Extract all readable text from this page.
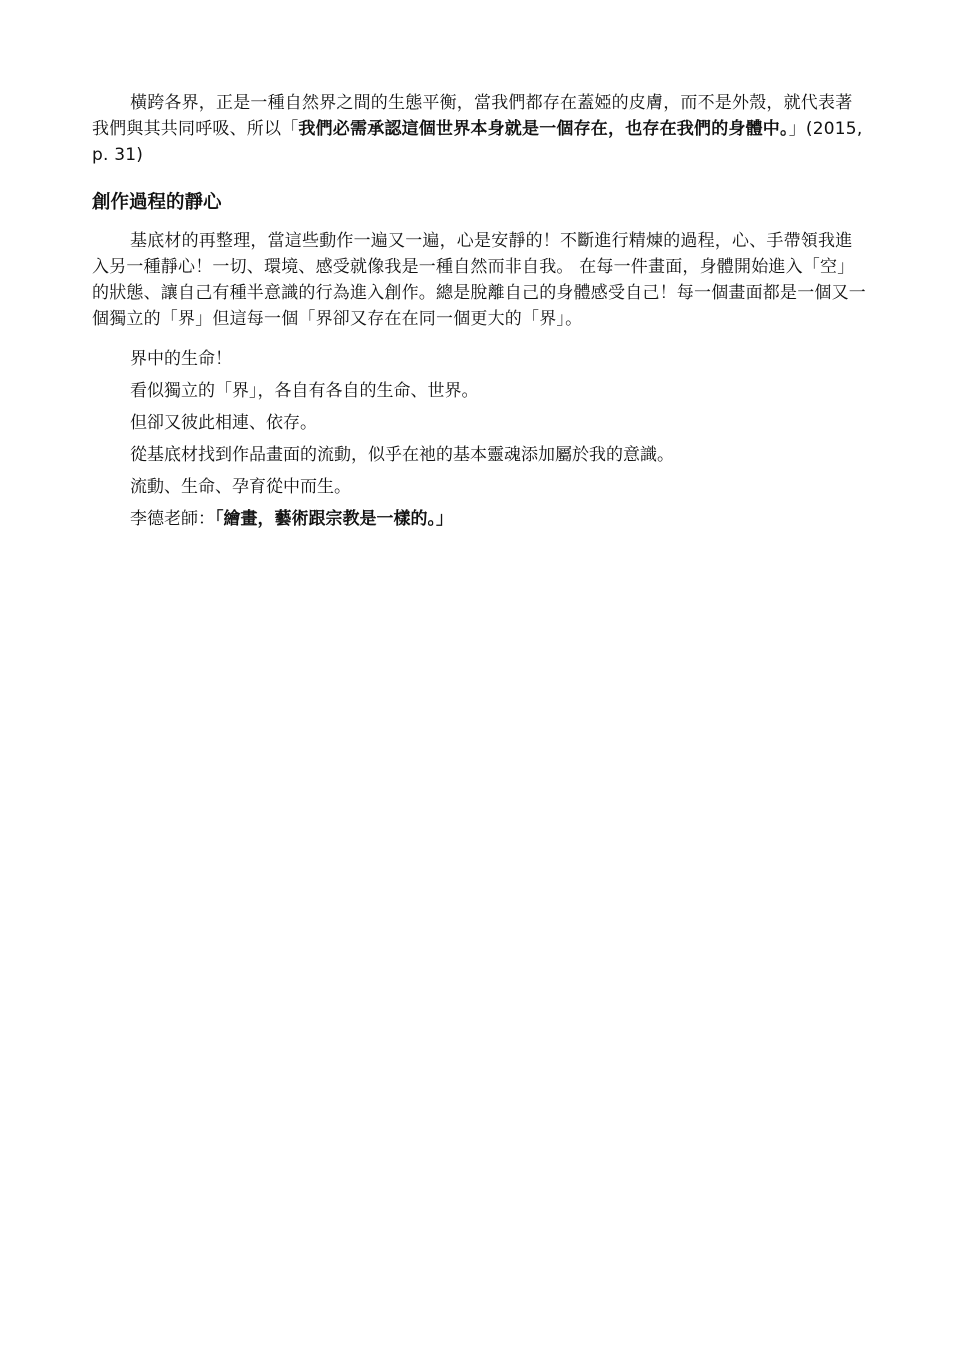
橫跨各界，正是一種自然界之間的生態平衡，當我們都存在蓋婭的皮膚，而不是外殼，就代表著我們與其共同呼吸、所以「我們必需承認這個世界本身就是一個存在，也存在我們的身體中。」(2015, p. 31)

創作過程的靜心

基底材的再整理，當這些動作一遍又一遍，心是安靜的！不斷進行精煉的過程，心、手帶領我進入另一種靜心！一切、環境、感受就像我是一種自然而非自我。 在每一件畫面，身體開始進入「空」的狀態、讓自己有種半意識的行為進入創作。總是脫離自己的身體感受自己！每一個畫面都是一個又一個獨立的「界」但這每一個「界卻又存在在同一個更大的「界」。

界中的生命！

看似獨立的「界」，各自有各自的生命、世界。

但卻又彼此相連、依存。

從基底材找到作品畫面的流動，似乎在祂的基本靈魂添加屬於我的意識。

流動、生命、孕育從中而生。

李德老師：「繪畫，藝術跟宗教是一樣的。」
